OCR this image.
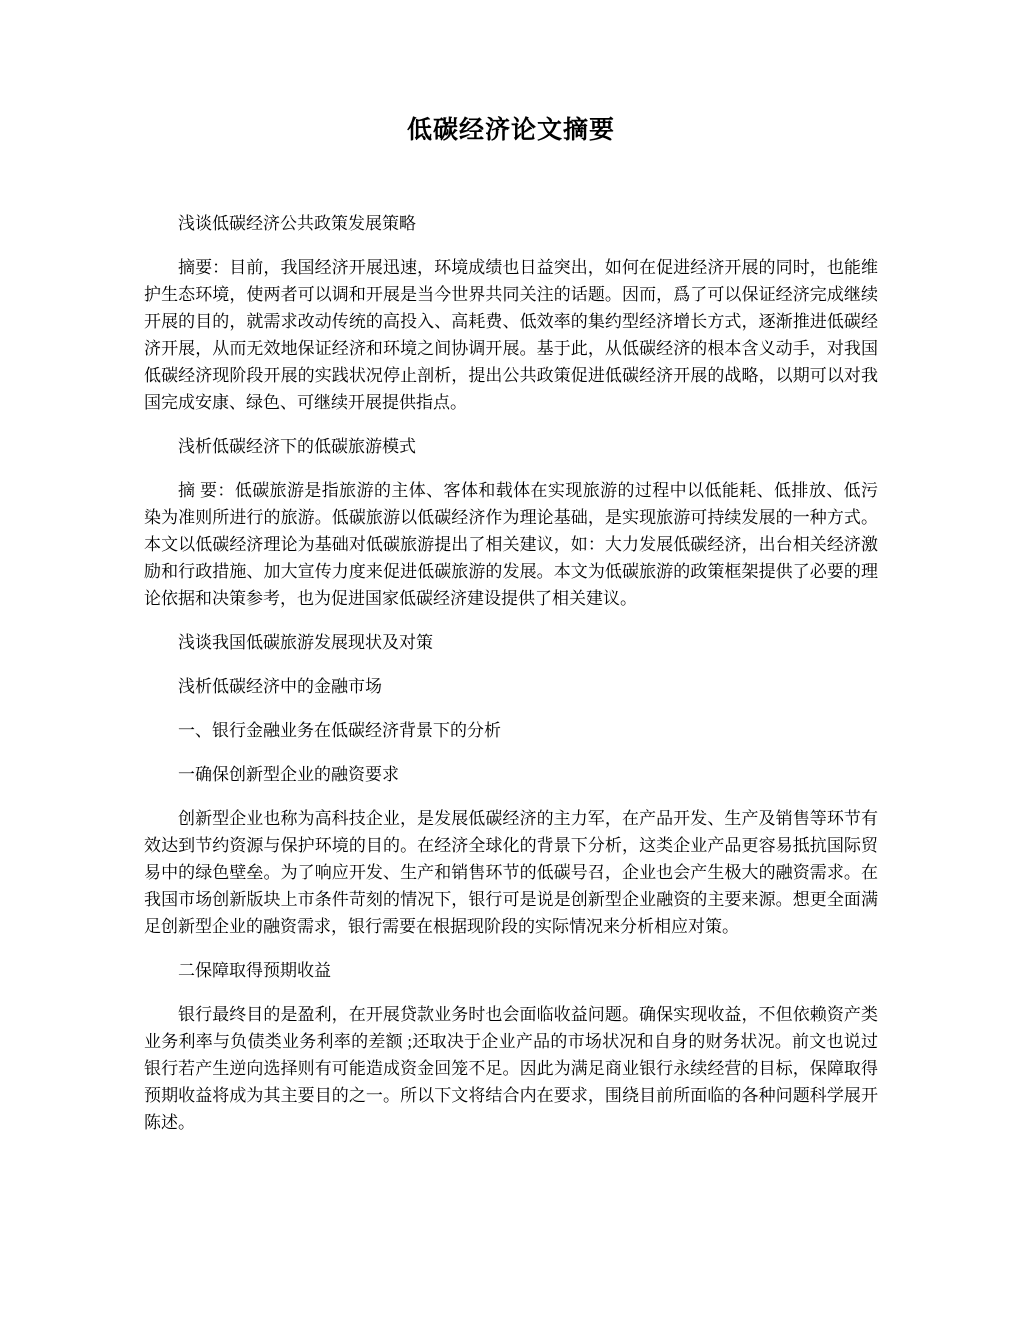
低碳经济论文摘要

浅谈低碳经济公共政策发展策略

摘要：目前，我国经济开展迅速，环境成绩也日益突出，如何在促进经济开展的同时，也能维护生态环境，使两者可以调和开展是当今世界共同关注的话题。因而，爲了可以保证经济完成继续开展的目的，就需求改动传统的高投入、高耗费、低效率的集约型经济增长方式，逐渐推进低碳经济开展，从而无效地保证经济和环境之间协调开展。基于此，从低碳经济的根本含义动手，对我国低碳经济现阶段开展的实践状况停止剖析，提出公共政策促进低碳经济开展的战略，以期可以对我国完成安康、绿色、可继续开展提供指点。

浅析低碳经济下的低碳旅游模式

摘 要：低碳旅游是指旅游的主体、客体和载体在实现旅游的过程中以低能耗、低排放、低污染为准则所进行的旅游。低碳旅游以低碳经济作为理论基础，是实现旅游可持续发展的一种方式。本文以低碳经济理论为基础对低碳旅游提出了相关建议，如：大力发展低碳经济，出台相关经济激励和行政措施、加大宣传力度来促进低碳旅游的发展。本文为低碳旅游的政策框架提供了必要的理论依据和决策参考，也为促进国家低碳经济建设提供了相关建议。

浅谈我国低碳旅游发展现状及对策

浅析低碳经济中的金融市场

一、银行金融业务在低碳经济背景下的分析

一确保创新型企业的融资要求

创新型企业也称为高科技企业，是发展低碳经济的主力军，在产品开发、生产及销售等环节有效达到节约资源与保护环境的目的。在经济全球化的背景下分析，这类企业产品更容易抵抗国际贸易中的绿色壁垒。为了响应开发、生产和销售环节的低碳号召，企业也会产生极大的融资需求。在我国市场创新版块上市条件苛刻的情况下，银行可是说是创新型企业融资的主要来源。想更全面满足创新型企业的融资需求，银行需要在根据现阶段的实际情况来分析相应对策。

二保障取得预期收益

银行最终目的是盈利，在开展贷款业务时也会面临收益问题。确保实现收益，不但依赖资产类业务利率与负债类业务利率的差额 ;还取决于企业产品的市场状况和自身的财务状况。前文也说过银行若产生逆向选择则有可能造成资金回笼不足。因此为满足商业银行永续经营的目标，保障取得预期收益将成为其主要目的之一。所以下文将结合内在要求，围绕目前所面临的各种问题科学展开陈述。
